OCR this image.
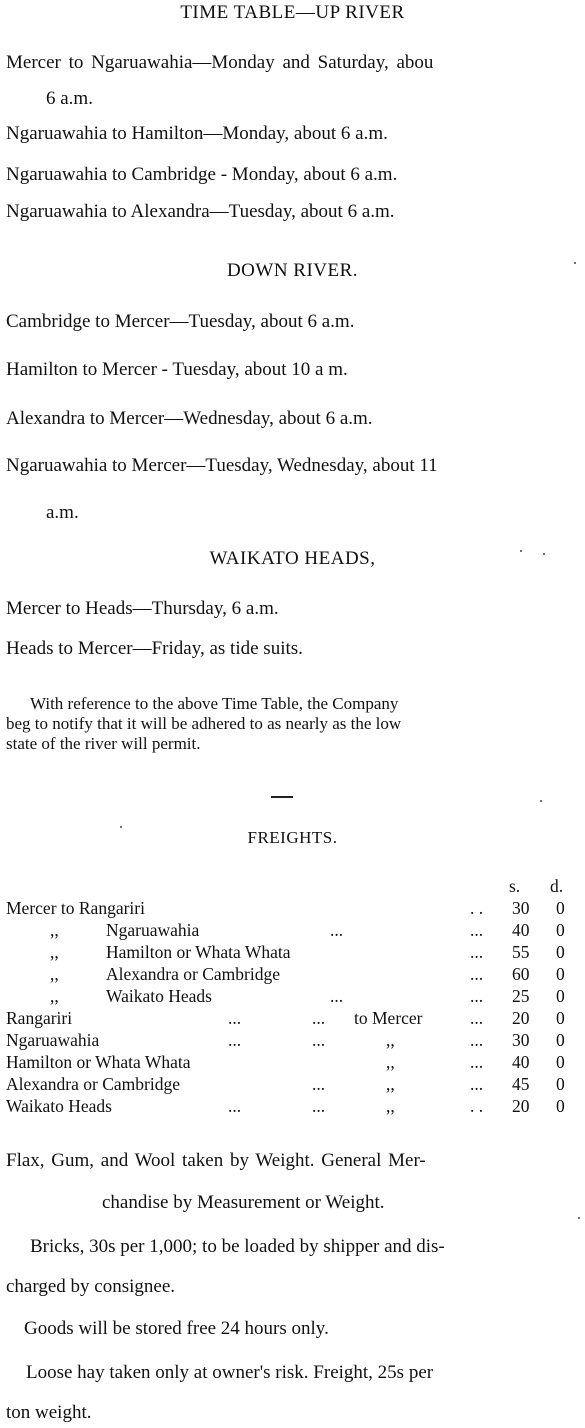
TIME TABLE—UP RIVER
Mercer to Ngaruawahia—Monday and Saturday, abou
6 a.m.
Ngaruawahia to Hamilton—Monday, about 6 a.m.
Ngaruawahia to Cambridge - Monday, about 6 a.m.
Ngaruawahia to Alexandra—Tuesday, about 6 a.m.
DOWN RIVER.
Cambridge to Mercer—Tuesday, about 6 a.m.
Hamilton to Mercer - Tuesday, about 10 a m.
Alexandra to Mercer—Wednesday, about 6 a.m.
Ngaruawahia to Mercer—Tuesday, Wednesday, about 11
a.m.
WAIKATO HEADS,
Mercer to Heads—Thursday, 6 a.m.
Heads to Mercer—Friday, as tide suits.
With reference to the above Time Table, the Company
beg to notify that it will be adhered to as nearly as the low
state of the river will permit.
FREIGHTS.
s. d.
Mercer to Rangariri	. . 30 0
,,	Ngaruawahia	...	... 40 0
,,	Hamilton or Whata Whata	... 55 0
,,	Alexandra or Cambridge	... 60 0
,,	Waikato Heads	...	... 25 0
Rangariri	...	... to Mercer	... 20 0
Ngaruawahia	...	...	,,	... 30 0
Hamilton or Whata Whata	,,	... 40 0
Alexandra or Cambridge	...	,,	... 45 0
Waikato Heads	...	...	,,	. . 20 0
Flax, Gum, and Wool taken by Weight. General Mer-
chandise by Measurement or Weight.
Bricks, 30s per 1,000; to be loaded by shipper and dis-
charged by consignee.
Goods will be stored free 24 hours only.
Loose hay taken only at owner's risk. Freight, 25s per
ton weight.
